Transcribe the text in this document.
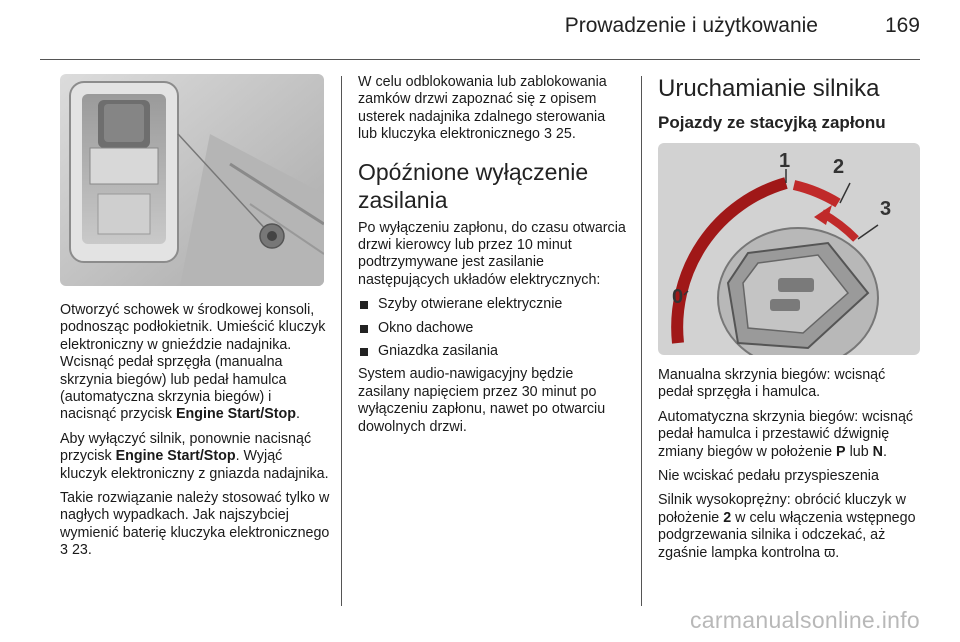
Prowadzenie i użytkowanie	169

Otworzyć schowek w środkowej konsoli, podnosząc podłokietnik. Umieścić kluczyk elektroniczny w gnieździe nadajnika. Wcisnąć pedał sprzęgła (manualna skrzynia biegów) lub pedał hamulca (automatyczna skrzynia biegów) i nacisnąć przycisk Engine Start/Stop.

Aby wyłączyć silnik, ponownie nacisnąć przycisk Engine Start/Stop. Wyjąć kluczyk elektroniczny z gniazda nadajnika.

Takie rozwiązanie należy stosować tylko w nagłych wypadkach. Jak najszybciej wymienić baterię kluczyka elektronicznego 3 23.

W celu odblokowania lub zablokowania zamków drzwi zapoznać się z opisem usterek nadajnika zdalnego sterowania lub kluczyka elektronicznego 3 25.

Opóźnione wyłączenie zasilania

Po wyłączeniu zapłonu, do czasu otwarcia drzwi kierowcy lub przez 10 minut podtrzymywane jest zasilanie następujących układów elektrycznych:

Szyby otwierane elektrycznie
Okno dachowe
Gniazdka zasilania

System audio-nawigacyjny będzie zasilany napięciem przez 30 minut po wyłączeniu zapłonu, nawet po otwarciu dowolnych drzwi.

Uruchamianie silnika
Pojazdy ze stacyjką zapłonu
1 2
3
0

Manualna skrzynia biegów: wcisnąć pedał sprzęgła i hamulca.

Automatyczna skrzynia biegów: wcisnąć pedał hamulca i przestawić dźwignię zmiany biegów w położenie P lub N.

Nie wciskać pedału przyspieszenia

Silnik wysokoprężny: obrócić kluczyk w położenie 2 w celu włączenia wstępnego podgrzewania silnika i odczekać, aż zgaśnie lampka kontrolna ϖ.

carmanualsonline.info
